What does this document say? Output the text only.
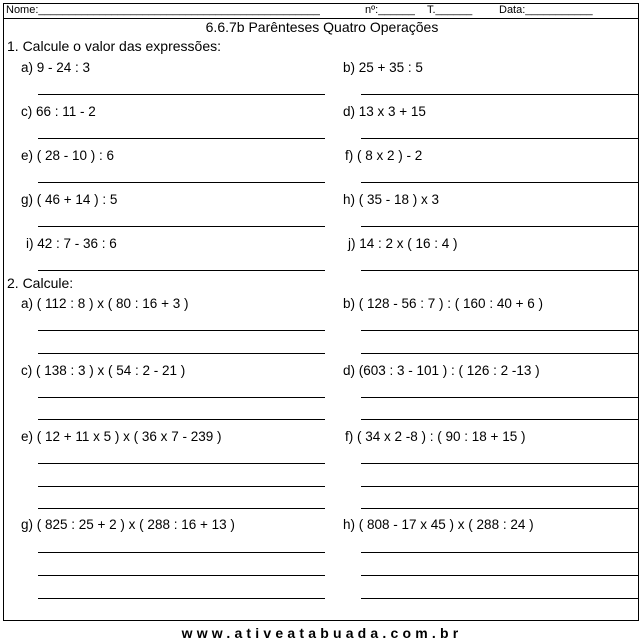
Nome:______________________________________________	nº:______ T.______ Data:___________
6.6.7b Parênteses Quatro Operações
1. Calcule o valor das expressões:
a) 9 - 24 : 3	b) 25 + 35 : 5
c) 66 : 11 - 2	d) 13 x 3 + 15
e) ( 28 - 10 ) : 6	f) ( 8 x 2 ) - 2
g) ( 46 + 14 ) : 5	h) ( 35 - 18 ) x 3
i) 42 : 7 - 36 : 6	j) 14 : 2 x ( 16 : 4 )
2. Calcule:
a) ( 112 : 8 ) x ( 80 : 16 + 3 )	b) ( 128 - 56 : 7 ) : ( 160 : 40 + 6 )
c) ( 138 : 3 ) x ( 54 : 2 - 21 )	d) (603 : 3 - 101 ) : ( 126 : 2 -13 )
e) ( 12 + 11 x 5 ) x ( 36 x 7 - 239 )	f) ( 34 x 2 -8 ) : ( 90 : 18 + 15 )
g) ( 825 : 25 + 2 ) x ( 288 : 16 + 13 )	h) ( 808 - 17 x 45 ) x ( 288 : 24 )
www.ativeatabuada.com.br
